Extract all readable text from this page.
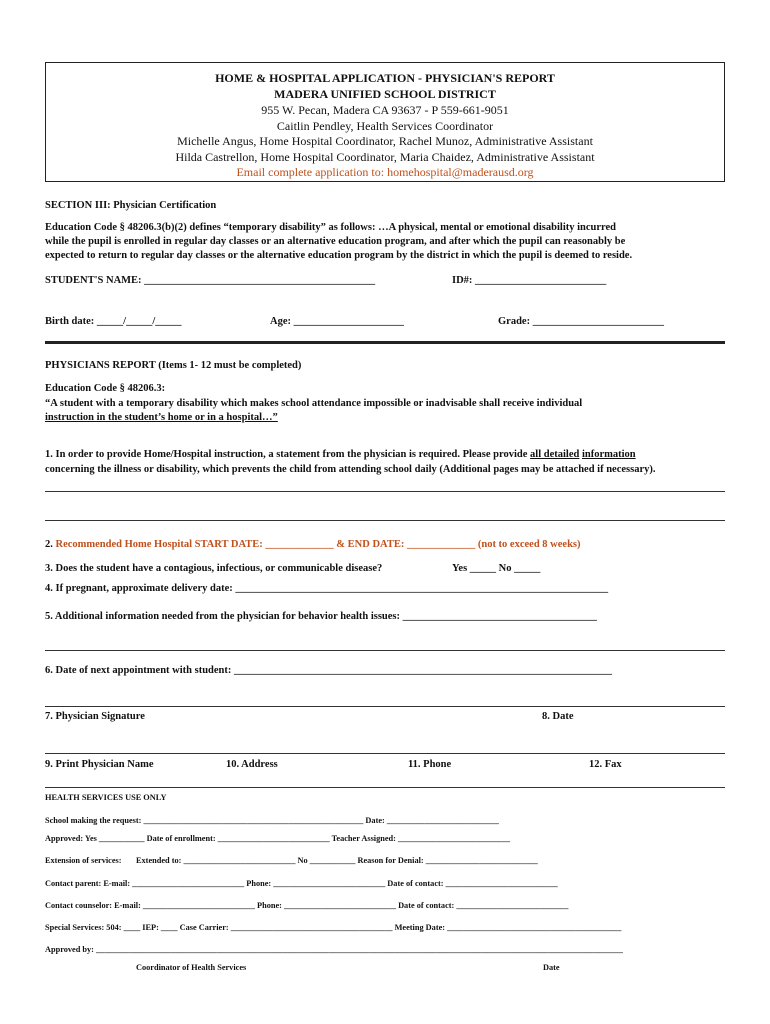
HOME & HOSPITAL APPLICATION - PHYSICIAN'S REPORT
MADERA UNIFIED SCHOOL DISTRICT
955 W. Pecan, Madera CA 93637 - P 559-661-9051
Caitlin Pendley, Health Services Coordinator
Michelle Angus, Home Hospital Coordinator, Rachel Munoz, Administrative Assistant
Hilda Castrellon, Home Hospital Coordinator, Maria Chaidez, Administrative Assistant
Email complete application to: homehospital@maderausd.org
SECTION III: Physician Certification
Education Code § 48206.3(b)(2) defines “temporary disability” as follows: …A physical, mental or emotional disability incurred
while the pupil is enrolled in regular day classes or an alternative education program, and after which the pupil can reasonably be
expected to return to regular day classes or the alternative education program by the district in which the pupil is deemed to reside.
STUDENT'S NAME: ____________________________________________	ID#: _________________________
Birth date: _____/_____/_____	Age: _____________________	Grade: _________________________
PHYSICIANS REPORT (Items 1- 12 must be completed)
Education Code § 48206.3:
“A student with a temporary disability which makes school attendance impossible or inadvisable shall receive individual
instruction in the student’s home or in a hospital…”
1. In order to provide Home/Hospital instruction, a statement from the physician is required. Please provide all detailed information
concerning the illness or disability, which prevents the child from attending school daily (Additional pages may be attached if necessary).
2. Recommended Home Hospital START DATE: _____________ & END DATE: _____________ (not to exceed 8 weeks)
3. Does the student have a contagious, infectious, or communicable disease?	Yes _____ No _____
4. If pregnant, approximate delivery date: _______________________________________________________________________
5. Additional information needed from the physician for behavior health issues: _____________________________________
6. Date of next appointment with student: ________________________________________________________________________
7. Physician Signature	8. Date
9. Print Physician Name	10. Address	11. Phone	12. Fax
HEALTH SERVICES USE ONLY
School making the request: _____________________________________________________ Date: ___________________________
Approved: Yes ___________ Date of enrollment: ___________________________ Teacher Assigned: ___________________________
Extension of services: Extended to: ___________________________ No ___________ Reason for Denial: ___________________________
Contact parent: E-mail: ___________________________ Phone: ___________________________ Date of contact: ___________________________
Contact counselor: E-mail: ___________________________ Phone: ___________________________ Date of contact: ___________________________
Special Services: 504: ____ IEP: ____ Case Carrier: _______________________________________ Meeting Date: __________________________________________
Approved by: _______________________________________________________________________________________________________________________________
Coordinator of Health Services	Date
